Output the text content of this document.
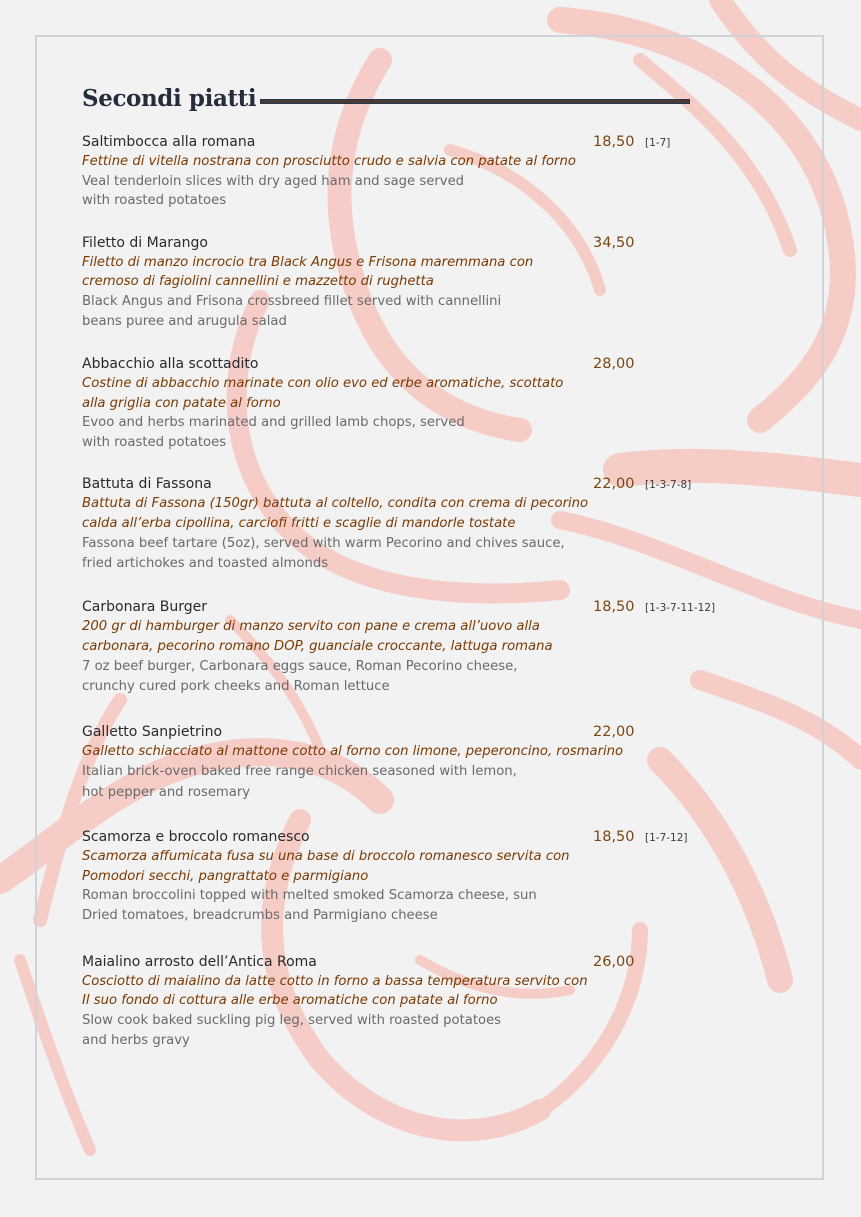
Secondi piatti
Saltimbocca alla romana	18,50 [1-7]
Fettine di vitella nostrana con prosciutto crudo e salvia con patate al forno
Veal tenderloin slices with dry aged ham and sage served
with roasted potatoes
Filetto di Marango	34,50
Filetto di manzo incrocio tra Black Angus e Frisona maremmana con
cremoso di fagiolini cannellini e mazzetto di rughetta
Black Angus and Frisona crossbreed fillet served with cannellini
beans puree and arugula salad
Abbacchio alla scottadito	28,00
Costine di abbacchio marinate con olio evo ed erbe aromatiche, scottato
alla griglia con patate al forno
Evoo and herbs marinated and grilled lamb chops, served
with roasted potatoes
Battuta di Fassona	22,00 [1-3-7-8]
Battuta di Fassona (150gr) battuta al coltello, condita con crema di pecorino
calda all’erba cipollina, carciofi fritti e scaglie di mandorle tostate
Fassona beef tartare (5oz), served with warm Pecorino and chives sauce,
fried artichokes and toasted almonds
Carbonara Burger	18,50 [1-3-7-11-12]
200 gr di hamburger di manzo servito con pane e crema all’uovo alla
carbonara, pecorino romano DOP, guanciale croccante, lattuga romana
7 oz beef burger, Carbonara eggs sauce, Roman Pecorino cheese,
crunchy cured pork cheeks and Roman lettuce
Galletto Sanpietrino	22,00
Galletto schiacciato al mattone cotto al forno con limone, peperoncino, rosmarino
Italian brick-oven baked free range chicken seasoned with lemon,
hot pepper and rosemary
Scamorza e broccolo romanesco	18,50 [1-7-12]
Scamorza affumicata fusa su una base di broccolo romanesco servita con
Pomodori secchi, pangrattato e parmigiano
Roman broccolini topped with melted smoked Scamorza cheese, sun
Dried tomatoes, breadcrumbs and Parmigiano cheese
Maialino arrosto dell’Antica Roma	26,00
Cosciotto di maialino da latte cotto in forno a bassa temperatura servito con
Il suo fondo di cottura alle erbe aromatiche con patate al forno
Slow cook baked suckling pig leg, served with roasted potatoes
and herbs gravy
